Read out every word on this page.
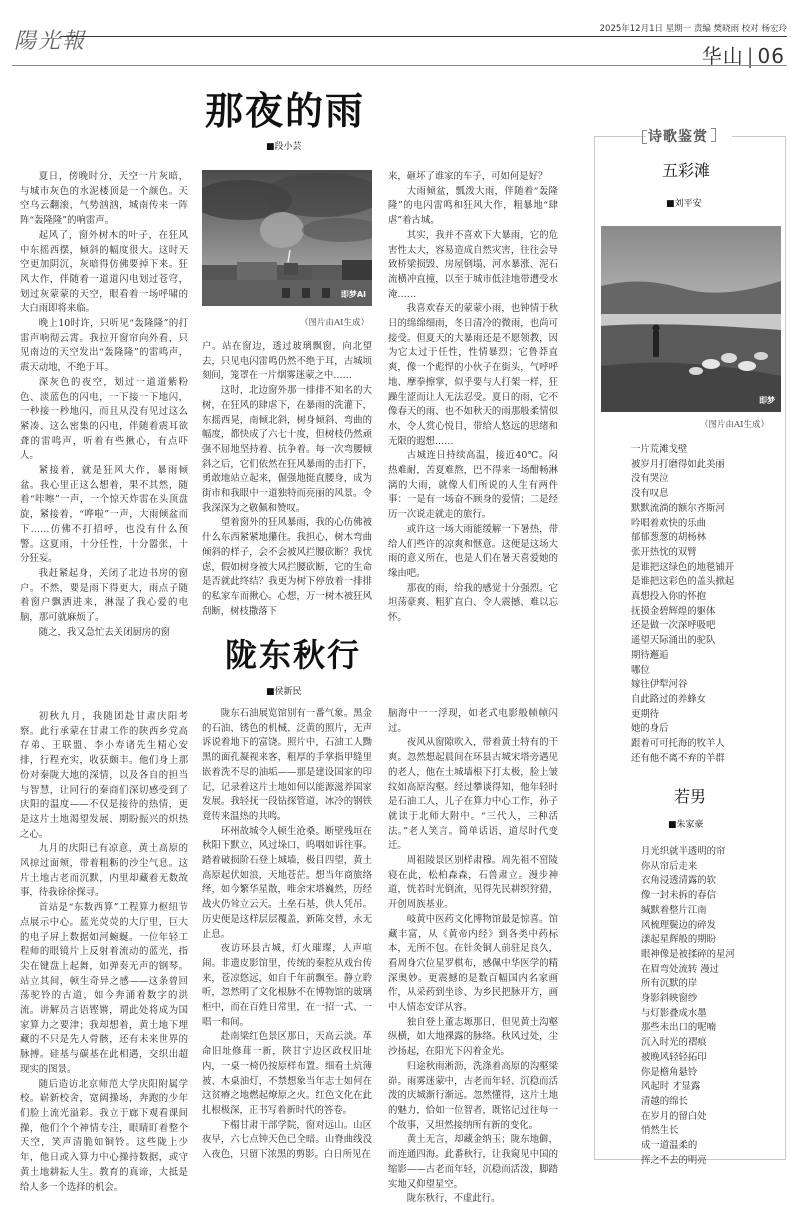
陽光報	2025年12月1日 星期一 责编 樊晓雨 校对 杨宏玲
华山 | 06
那夜的雨
■段小芸

夏日，傍晚时分，天空一片灰暗，与城市灰色的水泥楼顶是一个颜色。天空乌云翻滚，气势汹汹，城南传来一阵阵“轰隆隆”的响雷声。

起风了，窗外树木的叶子，在狂风中东摇西摆，倾斜的幅度很大。这时天空更加阴沉，灰暗得仿佛要掉下来。狂风大作，伴随着一道道闪电划过苍穹，划过灰蒙蒙的天空，眼看着一场呼啸的大白雨即将来临。

晚上10时许，只听见“轰隆隆”的打雷声响彻云霄。我拉开窗帘向外看，只见南边的天空发出“轰隆隆”的雷鸣声，震天动地，不绝于耳。

深灰色的夜空，划过一道道紫粉色、淡蓝色的闪电，一下接一下地闪，一秒接一秒地闪，而且从没有见过这么紧凑、这么密集的闪电，伴随着震耳欲聋的雷鸣声，听着有些揪心，有点吓人。

紧接着，就是狂风大作，暴雨倾盆。我心里正这么想着，果不其然，随着“咔嚓”一声，一个惊天炸雷在头顶盘旋，紧接着，“哗啦”一声，大雨倾盆而下……仿佛不打招呼，也没有什么预警。这夏雨，十分任性，十分嚣张，十分狂妄。

我赶紧起身，关闭了北边书房的窗户。不然，要是雨下得更大，雨点子随着窗户飘洒进来，淋湿了我心爱的电脑，那可就麻烦了。

随之，我又急忙去关闭厨房的窗

即梦AI
（图片由AI生成）

户。站在窗边，透过玻璃飘窗，向北望去，只见电闪雷鸣仍然不绝于耳，古城顷刻间，笼罩在一片烟雾迷蒙之中……

这时，北边窗外那一排排不知名的大树，在狂风的肆虐下，在暴雨的洗灌下，东摇西晃，南倾北斜，树身倾斜、弯曲的幅度，都快成了六七十度，但树枝仍然顽强不屈地坚持着、抗争着。每一次弯腰倾斜之后，它们依然在狂风暴雨的击打下，勇敢地站立起来，倔强地挺直腰身，成为街市和我眼中一道独特而亮丽的风景。令我深深为之敬佩和赞叹。

望着窗外的狂风暴雨，我的心仿佛被什么东西紧紧地攥住。我担心，树木弯曲倾斜的样子，会不会被风拦腰砍断？我忧虑，假如树身被大风拦腰砍断，它的生命是否就此终结？我更为树下停放着一排排的私家车而揪心。心想，万一树木被狂风刮断，树枝撒落下

来，砸坏了谁家的车子，可如何是好？

大雨倾盆，瓢泼大雨，伴随着“轰隆隆”的电闪雷鸣和狂风大作，粗暴地“肆虐”着古城。

其实，我并不喜欢下大暴雨，它的危害性太大，容易造成自然灾害，往往会导致桥梁损毁、房屋倒塌、河水暴涨、泥石流横冲直撞，以至于城市低洼地带遭受水淹……

我喜欢春天的蒙蒙小雨，也钟情于秋日的绵绵细雨，冬日清冷的微雨，也尚可接受。但夏天的大暴雨还是不愿领教，因为它太过于任性，性情暴烈；它鲁莽直爽，像一个彪悍的小伙子在街头，气呼呼地、摩拳擦掌，似乎要与人打架一样，狂躁生涩而让人无法忍受。夏日的雨，它不像春天的雨、也不如秋天的雨那般柔情似水，令人赏心悦目，带给人悠远的思绪和无限的遐想……

古城连日持续高温，接近40℃。闷热难耐，苦夏难熬，巴不得来一场酣畅淋漓的大雨，就像人们所说的人生有两件事：一是有一场奋不顾身的爱情；二是经历一次说走就走的旅行。

或许这一场大雨能缓解一下暑热，带给人们些许的凉爽和惬意。这便是这场大雨的意义所在，也是人们在暑天喜爱她的缘由吧。

那夜的雨，给我的感觉十分强烈。它坦荡豪爽、粗犷直白、令人震撼、难以忘怀。

陇东秋行
■侯新民

初秋九月，我随团赴甘肃庆阳考察。此行承蒙在甘肃工作的陕西乡党高存弟、王联盟、李小寿诸先生精心安排，行程充实，收获颇丰。他们身上那份对秦陇大地的深情，以及各自的担当与智慧，让同行的秦商们深切感受到了庆阳的温度——不仅是接待的热情，更是这片土地渴望发展、期盼振兴的炽热之心。

九月的庆阳已有凉意，黄土高原的风掠过面颊，带着粗粝的沙尘气息。这片土地古老而沉默，内里却藏着无数故事，待我徐徐探寻。

首站是“东数西算”工程算力枢纽节点展示中心。蓝光荧荧的大厅里，巨大的电子屏上数据如河蜿蜒。一位年轻工程师的眼镜片上反射着流动的蓝光，指尖在键盘上起舞，如弹奏无声的钢琴。站立其间，顿生奇异之感——这条曾回荡驼铃的古道，如今奔涌着数字的洪流。讲解员言语铿锵，谓此处将成为国家算力之要津；我却想着，黄土地下埋藏的不只是先人骨骸，还有未来世界的脉搏。硅基与碳基在此相遇，交织出超现实的图景。

随后造访北京师范大学庆阳附属学校。崭新校舍，宽阔操场，奔跑的少年们脸上流光溢彩。我立于廊下观看课间操，他们个个神情专注，眼睛盯着整个天空，笑声清脆如铜铃。这些陇上少年，他日或入算力中心操持数据，或守黄土地耕耘人生。教育的真谛，大抵是给人多一个选择的机会。

陇东石油展览馆别有一番气象。黑金的石油、锈色的机械、泛黄的照片，无声诉说着地下的富饶。照片中，石油工人黝黑的面孔凝视来客，粗厚的手掌指甲缝里嵌着洗不尽的油垢——那是建设国家的印记，记录着这片土地如何以能源滋养国家发展。我轻抚一段钻探管道，冰冷的钢铁竟传来温热的共鸣。

环州故城令人顿生沧桑。断壁残垣在秋阳下默立，风过垛口，呜咽如诉往事。踏着破损阶石登上城墙，极目四望，黄土高原起伏如浪，天地苍茫。想当年商旅络绎，如今繁华星散，唯余宋塔巍然，历经战火仍耸立云天。土垒石基，供人凭吊。历史便是这样层层覆盖，新陈交替，永无止息。

夜访环县古城，灯火璀璨，人声喧闹。非遗皮影馆里，传统的秦腔从戏台传来，苍凉悠远，如自千年前飘至。静立聆听，忽然明了文化根脉不在博物馆的玻璃柜中，而在百姓日常里，在一招一式、一唱一和间。

赴南梁红色景区那日，天高云淡。革命旧址修葺一新，陕甘宁边区政权旧址内，一桌一椅仍按原样布置。细看土炕薄被、木桌油灯，不禁想象当年志士如何在这贫瘠之地燃起燎原之火。红色文化在此扎根极深，正书写着新时代的答卷。

下榻甘肃干部学院，窗对远山。山区夜早，六七点钟天色已全暗。山脊曲线没入夜色，只留下浓黑的剪影。白日所见在

脑海中一一浮现，如老式电影般帧帧闪过。

夜风从窗隙吹入，带着黄土特有的干爽。忽然想起晨间在环县古城宋塔旁遇见的老人，他在土城墙根下打太极，脸上皱纹如高原沟壑。经过攀谈得知，他年轻时是石油工人，儿子在算力中心工作，孙子就读于北师大附中。“三代人，三种活法。”老人笑言。简单话语，道尽时代变迁。

周祖陵景区别样肃穆。周先祖不窋陵寝在此，松柏森森，石兽肃立。漫步神道，恍若时光倒流，见得先民耕织狩猎，开创周族基业。

岐黄中医药文化博物馆最是惊喜。馆藏丰富，从《黄帝内经》到各类中药标本，无所不包。在针灸铜人前驻足良久，看周身穴位星罗棋布，感佩中华医学的精深奥妙。更震撼的是数百幅国内名家画作，从采药到坐诊、为乡民把脉开方，画中人情态安详从容。

独自登上董志塬那日，但见黄土沟壑纵横，如大地裸露的脉络。秋风过处，尘沙扬起，在阳光下闪着金光。

归途秋雨淅沥，洗涤着高原的沟壑梁峁。雨雾迷蒙中，古老而年轻、沉稳而活泼的庆城渐行渐远。忽然懂得，这片土地的魅力，恰如一位智者，既铭记过往每一个故事，又坦然接纳所有新的变化。

黄土无言，却藏金纳玉；陇东地僻，而连通四海。此番秋行，让我窥见中国的缩影——古老而年轻，沉稳而活泼，脚踏实地又仰望星空。

陇东秋行，不虚此行。

诗歌鉴赏
五彩滩
■刘平安
即梦
（图片由AI生成）
一片荒滩戈壁
被岁月打磨得如此美丽
没有哭泣
没有叹息
默默流淌的额尔齐斯河
吟唱着欢快的乐曲
郁郁葱葱的胡杨林
张开热忱的双臂
是谁把这绿色的地毯铺开
是谁把这彩色的盖头掀起
真想投入你的怀抱
抚摸金碧辉煌的躯体
还是做一次深呼吸吧
遥望天际涌出的驼队
期待邂逅
哪位
嫁往伊犁河谷
自此路过的养蜂女
更期待
她的身后
跟着可可托海的牧羊人
还有他不离不弃的羊群
若男
■朱家豪
月光织就半透明的帘
你从帘后走来
衣角浸透清露的软
像一封未拆的春信
缄默着整片江南
风梳理鬓边的碎发
漾起星辉般的期盼
眼神像是被揉碎的星河
在眉弯处流转 漫过
所有沉默的岸
身影斜映窗纱
与灯影叠成水墨
那些未出口的呢喃
沉入时光的褶痕
被晚风轻轻拓印
你是檐角悬铃
风起时 才显露
清越的绵长
在岁月的留白处
悄然生长
成一道温柔的
挥之不去的明亮
